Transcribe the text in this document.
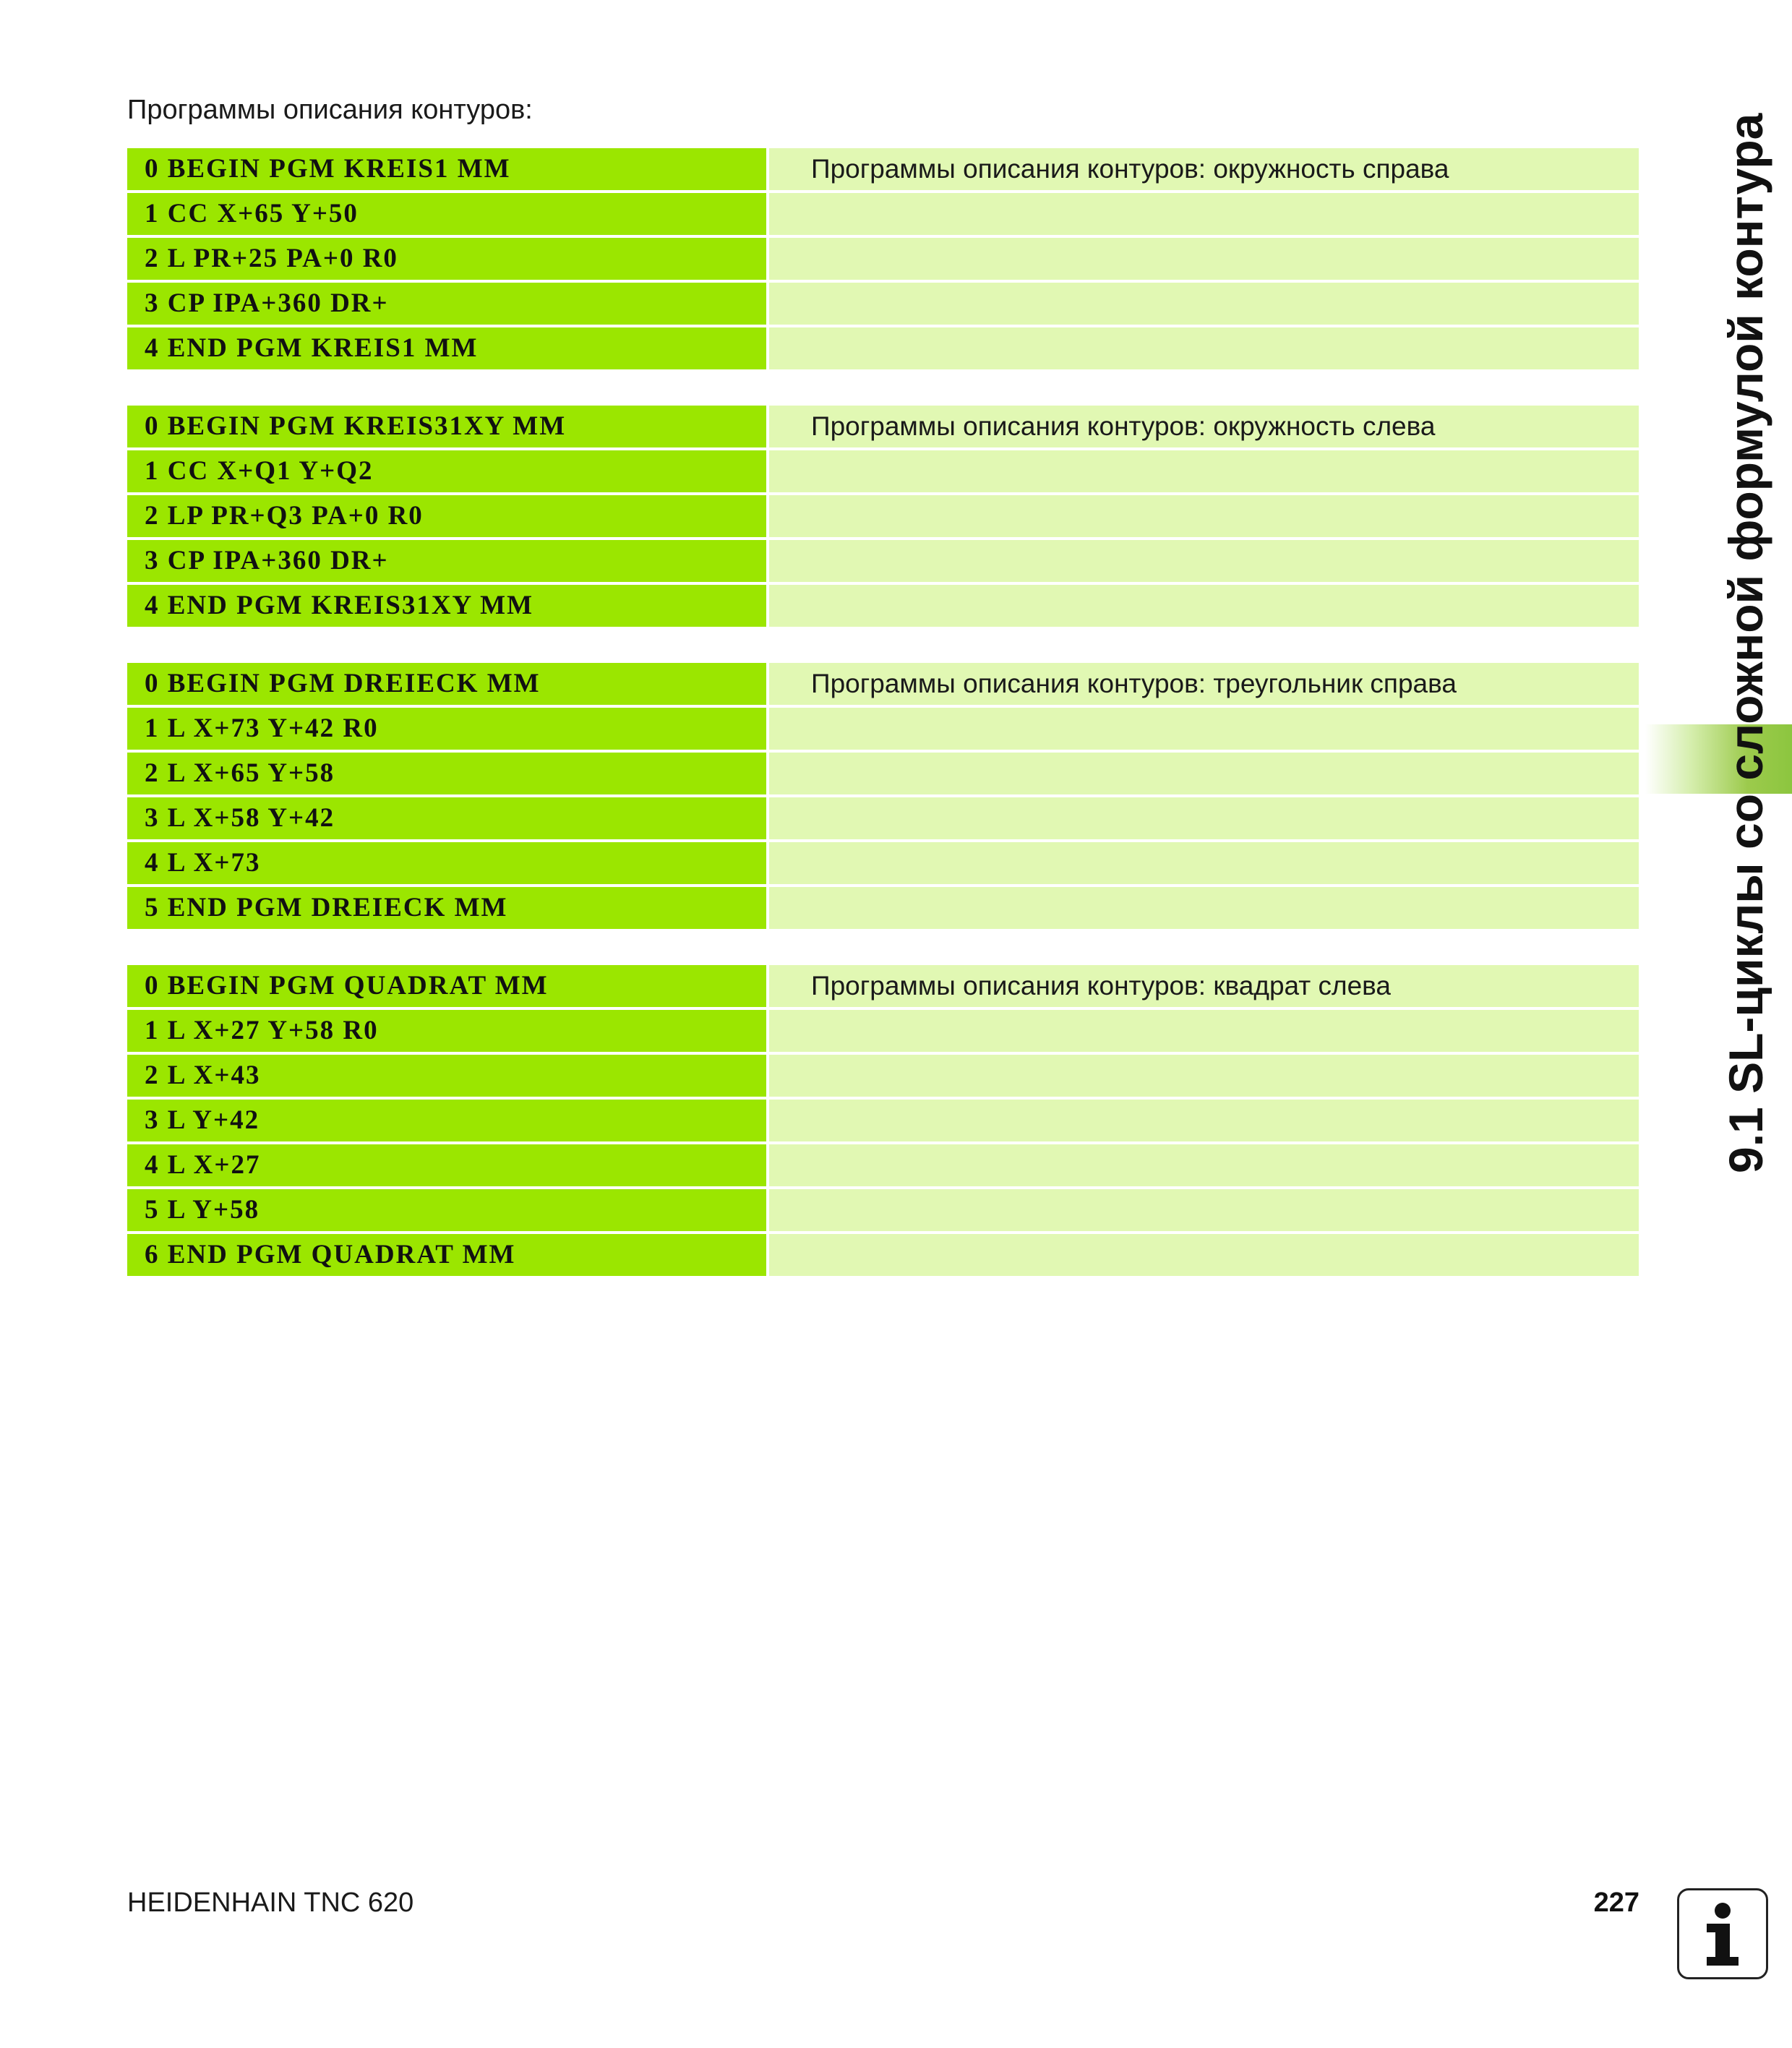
Программы описания контуров:
0 BEGIN PGM KREIS1 MM	Программы описания контуров: окружность справа
1 CC X+65 Y+50
2 L PR+25 PA+0 R0
3 CP IPA+360 DR+
4 END PGM KREIS1 MM
0 BEGIN PGM KREIS31XY MM	Программы описания контуров: окружность слева
1 CC X+Q1 Y+Q2
2 LP PR+Q3 PA+0 R0
3 CP IPA+360 DR+
4 END PGM KREIS31XY MM
0 BEGIN PGM DREIECK MM	Программы описания контуров: треугольник справа
1 L X+73 Y+42 R0
2 L X+65 Y+58
3 L X+58 Y+42
4 L X+73
5 END PGM DREIECK MM
0 BEGIN PGM QUADRAT MM	Программы описания контуров: квадрат слева
1 L X+27 Y+58 R0
2 L X+43
3 L Y+42
4 L X+27
5 L Y+58
6 END PGM QUADRAT MM
9.1 SL-циклы со сложной формулой контура
HEIDENHAIN TNC 620	227
